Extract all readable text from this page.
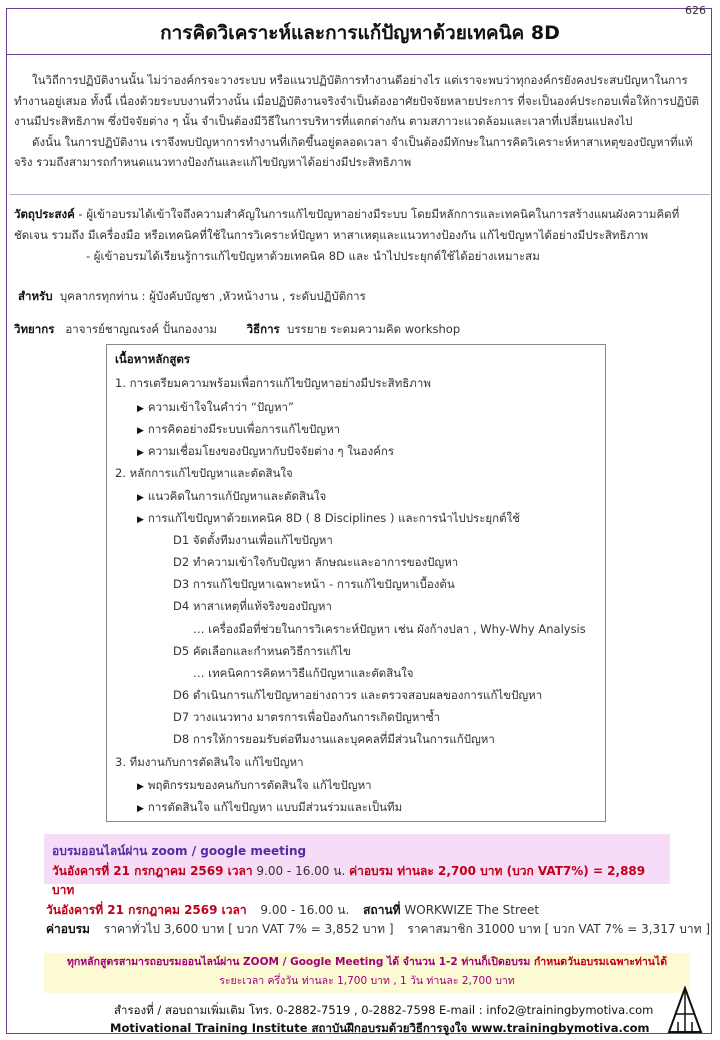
626
การคิดวิเคราะห์และการแก้ปัญหาด้วยเทคนิค 8D

ในวิถีการปฏิบัติงานนั้น ไม่ว่าองค์กรจะวางระบบ หรือแนวปฏิบัติการทำงานดีอย่างไร แต่เราจะพบว่าทุกองค์กรยังคงประสบปัญหาในการทำงานอยู่เสมอ ทั้งนี้ เนื่องด้วยระบบงานที่วางนั้น เมื่อปฏิบัติงานจริงจำเป็นต้องอาศัยปัจจัยหลายประการ ที่จะเป็นองค์ประกอบเพื่อให้การปฏิบัติงานมีประสิทธิภาพ ซึ่งปัจจัยต่าง ๆ นั้น จำเป็นต้องมีวิธีในการบริหารที่แตกต่างกัน ตามสภาวะแวดล้อมและเวลาที่เปลี่ยนแปลงไป

ดังนั้น ในการปฏิบัติงาน เราจึงพบปัญหาการทำงานที่เกิดขึ้นอยู่ตลอดเวลา จำเป็นต้องมีทักษะในการคิดวิเคราะห์หาสาเหตุของปัญหาที่แท้จริง รวมถึงสามารถกำหนดแนวทางป้องกันและแก้ไขปัญหาได้อย่างมีประสิทธิภาพ

วัตถุประสงค์ - ผู้เข้าอบรมได้เข้าใจถึงความสำคัญในการแก้ไขปัญหาอย่างมีระบบ โดยมีหลักการและเทคนิคในการสร้างแผนผังความคิดที่ชัดเจน รวมถึง มีเครื่องมือ หรือเทคนิคที่ใช้ในการวิเคราะห์ปัญหา หาสาเหตุและแนวทางป้องกัน แก้ไขปัญหาได้อย่างมีประสิทธิภาพ

- ผู้เข้าอบรมได้เรียนรู้การแก้ไขปัญหาด้วยเทคนิค 8D และ นำไปประยุกต์ใช้ได้อย่างเหมาะสม

สำหรับ บุคลากรทุกท่าน : ผู้บังคับบัญชา ,หัวหน้างาน , ระดับปฏิบัติการ
วิทยากร อาจารย์ชาญณรงค์ ปั้นกองงาม	วิธีการ บรรยาย ระดมความคิด workshop
เนื้อหาหลักสูตร
1. การเตรียมความพร้อมเพื่อการแก้ไขปัญหาอย่างมีประสิทธิภาพ
▶ ความเข้าใจในคำว่า “ปัญหา”
▶ การคิดอย่างมีระบบเพื่อการแก้ไขปัญหา
▶ ความเชื่อมโยงของปัญหากับปัจจัยต่าง ๆ ในองค์กร
2. หลักการแก้ไขปัญหาและตัดสินใจ
▶ แนวคิดในการแก้ปัญหาและตัดสินใจ
▶ การแก้ไขปัญหาด้วยเทคนิค 8D ( 8 Disciplines ) และการนำไปประยุกต์ใช้
D1 จัดตั้งทีมงานเพื่อแก้ไขปัญหา
D2 ทำความเข้าใจกับปัญหา ลักษณะและอาการของปัญหา
D3 การแก้ไขปัญหาเฉพาะหน้า - การแก้ไขปัญหาเบื้องต้น
D4 หาสาเหตุที่แท้จริงของปัญหา
… เครื่องมือที่ช่วยในการวิเคราะห์ปัญหา เช่น ผังก้างปลา , Why-Why Analysis
D5 คัดเลือกและกำหนดวิธีการแก้ไข
… เทคนิคการคิดหาวิธีแก้ปัญหาและตัดสินใจ
D6 ดำเนินการแก้ไขปัญหาอย่างถาวร และตรวจสอบผลของการแก้ไขปัญหา
D7 วางแนวทาง มาตรการเพื่อป้องกันการเกิดปัญหาซ้ำ
D8 การให้การยอมรับต่อทีมงานและบุคคลที่มีส่วนในการแก้ปัญหา
3. ทีมงานกับการตัดสินใจ แก้ไขปัญหา
▶ พฤติกรรมของคนกับการตัดสินใจ แก้ไขปัญหา
▶ การตัดสินใจ แก้ไขปัญหา แบบมีส่วนร่วมและเป็นทีม
อบรมออนไลน์ผ่าน zoom / google meeting
วันอังคารที่ 21 กรกฎาคม 2569 เวลา 9.00 - 16.00 น. ค่าอบรม ท่านละ 2,700 บาท (บวก VAT7%) = 2,889 บาท
วันอังคารที่ 21 กรกฎาคม 2569 เวลา 9.00 - 16.00 น. สถานที่ WORKWIZE The Street
ค่าอบรม ราคาทั่วไป 3,600 บาท [ บวก VAT 7% = 3,852 บาท ] ราคาสมาชิก 31000 บาท [ บวก VAT 7% = 3,317 บาท ]
ทุกหลักสูตรสามารถอบรมออนไลน์ผ่าน ZOOM / Google Meeting ได้ จำนวน 1-2 ท่านก็เปิดอบรม กำหนดวันอบรมเฉพาะท่านได้
ระยะเวลา ครึ่งวัน ท่านละ 1,700 บาท , 1 วัน ท่านละ 2,700 บาท
สำรองที่ / สอบถามเพิ่มเติม โทร. 0-2882-7519 , 0-2882-7598 E-mail : info2@trainingbymotiva.com
Motivational Training Institute สถาบันฝึกอบรมด้วยวิธีการจูงใจ www.trainingbymotiva.com
